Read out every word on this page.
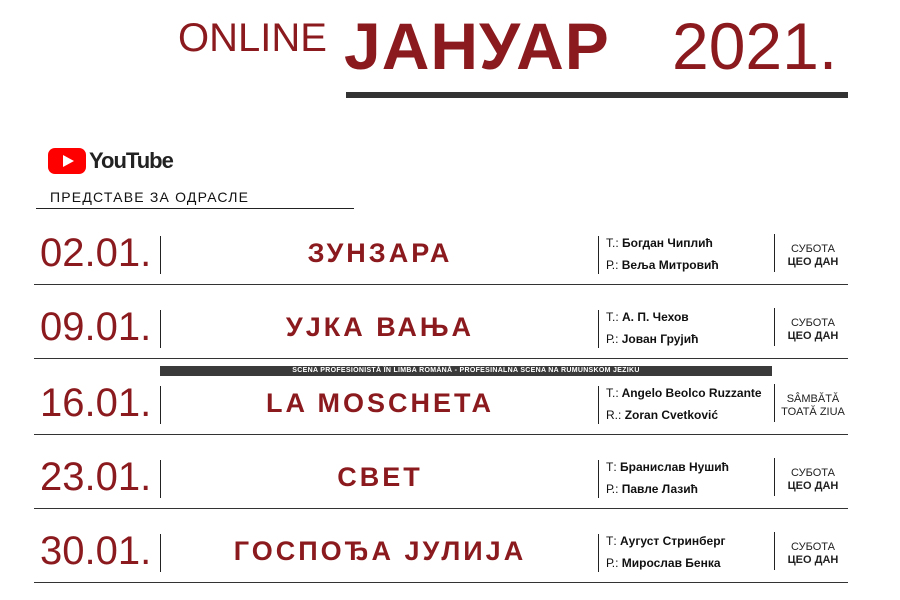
ONLINE ЈАНУАР 2021.
YouTube
ПРЕДСТАВЕ ЗА ОДРАСЛЕ
02.01.	ЗУНЗАРА	Т.: Богдан Чиплић
Р.: Веља Митровић
СУБОТА
ЦЕО ДАН
09.01.	УЈКА ВАЊА	Т.: А. П. Чехов
Р.: Јован Грујић
СУБОТА
ЦЕО ДАН
SCENA PROFESIONISTĂ ÎN LIMBA ROMÂNĂ - PROFESINALNA SCENA NA RUMUNSKOM JEZIKU
16.01.	LA MOSCHETA	T.: Angelo Beolco Ruzzante
R.: Zoran Cvetković
SÂMBĂTĂ
TOATĂ ZIUA
23.01.	СВЕТ	Т: Бранислав Нушић
Р.: Павле Лазић
СУБОТА
ЦЕО ДАН
30.01.	ГОСПОЂА ЈУЛИЈА	Т: Аугуст Стринберг
Р.: Мирослав Бенка
СУБОТА
ЦЕО ДАН
